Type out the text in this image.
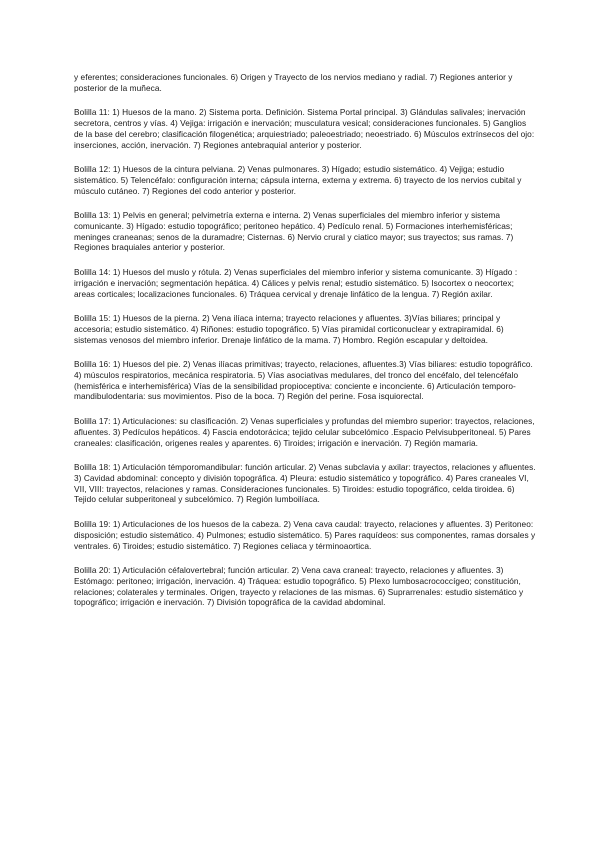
y eferentes; consideraciones funcionales. 6) Origen y Trayecto de los nervios mediano y radial. 7) Regiones anterior y posterior de la muñeca.

Bolilla 11: 1) Huesos de la mano. 2) Sistema porta. Definición. Sistema Portal principal. 3) Glándulas salivales; inervación secretora, centros y vías. 4) Vejiga: irrigación e inervación; musculatura vesical; consideraciones funcionales. 5) Ganglios de la base del cerebro; clasificación filogenética; arquiestriado; paleoestriado; neoestriado. 6) Músculos extrínsecos del ojo: inserciones, acción, inervación. 7) Regiones antebraquial anterior y posterior.

Bolilla 12: 1) Huesos de la cintura pelviana. 2) Venas pulmonares. 3) Hígado; estudio sistemático. 4) Vejiga; estudio sistemático. 5) Telencéfalo: configuración interna; cápsula interna, externa y extrema. 6) trayecto de los nervios cubital y músculo cutáneo. 7) Regiones del codo anterior y posterior.

Bolilla 13: 1) Pelvis en general; pelvimetría externa e interna. 2) Venas superficiales del miembro inferior y sistema comunicante. 3) Hígado: estudio topográfico; peritoneo hepático. 4) Pedículo renal. 5) Formaciones interhemisféricas; meninges craneanas; senos de la duramadre; Cisternas. 6) Nervio crural y ciatico mayor; sus trayectos; sus ramas. 7) Regiones braquiales anterior y posterior.

Bolilla 14: 1) Huesos del muslo y rótula. 2) Venas superficiales del miembro inferior y sistema comunicante. 3) Hígado : irrigación e inervación; segmentación hepática. 4) Cálices y pelvis renal; estudio sistemático. 5) Isocortex o neocortex; areas corticales; localizaciones funcionales. 6) Tráquea cervical y drenaje linfático de la lengua. 7) Región axilar.

Bolilla 15: 1) Huesos de la pierna. 2) Vena ilíaca interna; trayecto relaciones y afluentes. 3)Vías biliares; principal y accesoria; estudio sistemático. 4) Riñones: estudio topográfico. 5) Vías piramidal corticonuclear y extrapiramidal. 6) sistemas venosos del miembro inferior. Drenaje linfático de la mama. 7) Hombro. Región escapular y deltoidea.

Bolilla 16: 1) Huesos del pie. 2) Venas ilíacas primitivas; trayecto, relaciones, afluentes.3) Vías biliares: estudio topográfico. 4) músculos respiratorios, mecánica respiratoria. 5) Vías asociativas medulares, del tronco del encéfalo, del telencéfalo (hemisférica e interhemisférica) Vías de la sensibilidad propioceptiva: conciente e inconciente. 6) Articulación temporo-mandibulodentaria: sus movimientos. Piso de la boca. 7) Región del perine. Fosa isquiorectal.

Bolilla 17: 1) Articulaciones: su clasificación. 2) Venas superficiales y profundas del miembro superior: trayectos, relaciones, afluentes. 3) Pedículos hepáticos. 4) Fascia endotorácica; tejido celular subcelómico .Espacio Pelvisubperitoneal. 5) Pares craneales: clasificación, origenes reales y aparentes. 6) Tiroides; irrigación e inervación. 7) Región mamaria.

Bolilla 18: 1) Articulación témporomandibular: función articular. 2) Venas subclavia y axilar: trayectos, relaciones y afluentes. 3) Cavidad abdominal: concepto y división topográfica. 4) Pleura: estudio sistemático y topográfico. 4) Pares craneales VI, VII, VIII: trayectos, relaciones y ramas. Consideraciones funcionales. 5) Tiroides: estudio topográfico, celda tiroidea. 6) Tejido celular subperitoneal y subcelómico. 7) Región lumboilíaca.

Bolilla 19: 1) Articulaciones de los huesos de la cabeza. 2) Vena cava caudal: trayecto, relaciones y afluentes. 3) Peritoneo: disposición; estudio sistemático. 4) Pulmones; estudio sistemático. 5) Pares raquídeos: sus componentes, ramas dorsales y ventrales. 6) Tiroides; estudio sistemático. 7) Regiones celiaca y términoaortica.

Bolilla 20: 1) Articulación céfalovertebral; función articular. 2) Vena cava craneal: trayecto, relaciones y afluentes. 3) Estómago: peritoneo; irrigación, inervación. 4) Tráquea: estudio topográfico. 5) Plexo lumbosacrococcígeo; constitución, relaciones; colaterales y terminales. Origen, trayecto y relaciones de las mismas. 6) Suprarrenales: estudio sistemático y topográfico; irrigación e inervación. 7) División topográfica de la cavidad abdominal.
